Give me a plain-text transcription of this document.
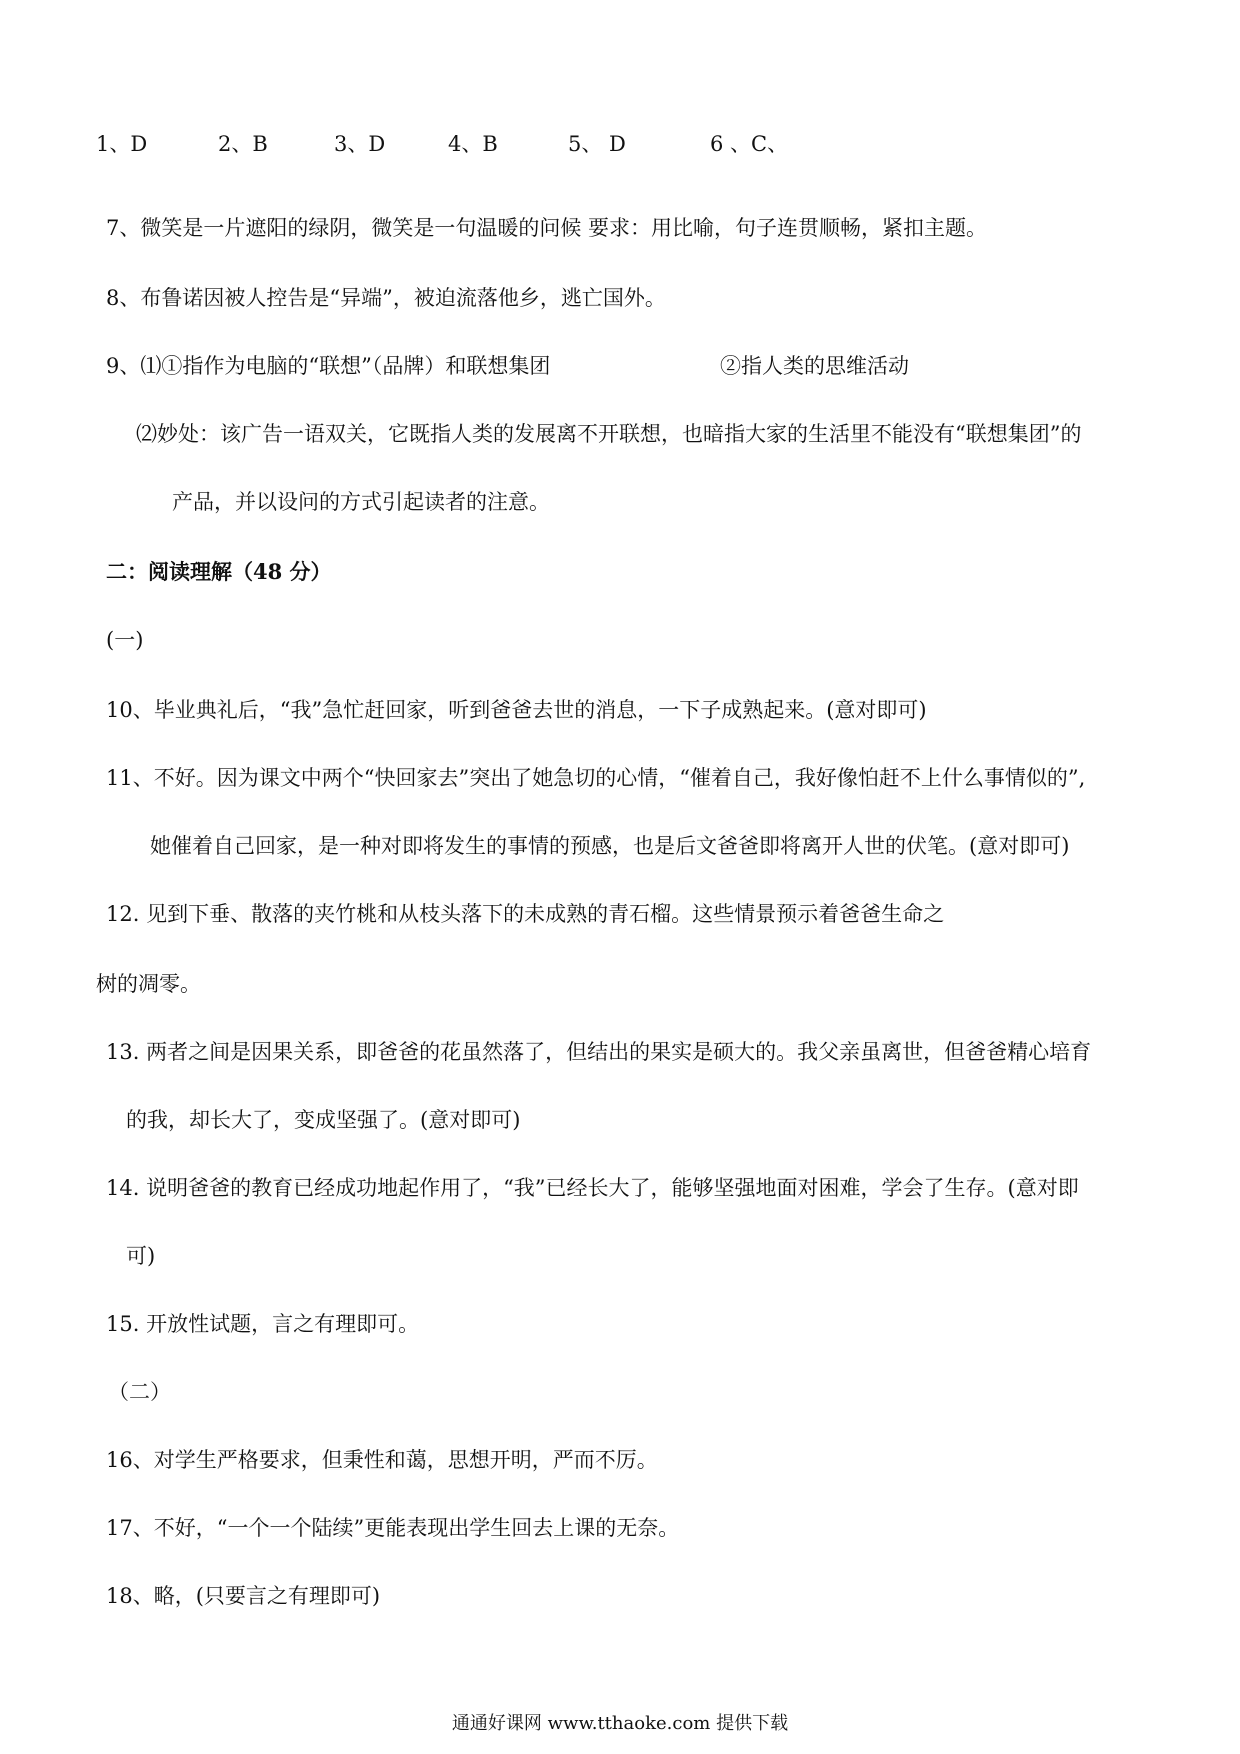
1、D	2、B	3、D	4、B	5、 D	6 、C、
7、微笑是一片遮阳的绿阴，微笑是一句温暖的问候 要求：用比喻，句子连贯顺畅，紧扣主题。
8、布鲁诺因被人控告是“异端”，被迫流落他乡，逃亡国外。
9、⑴①指作为电脑的“联想”（品牌）和联想集团	②指人类的思维活动
⑵妙处：该广告一语双关，它既指人类的发展离不开联想，也暗指大家的生活里不能没有“联想集团”的
产品，并以设问的方式引起读者的注意。
二：阅读理解（48 分）
(一)
10、毕业典礼后，“我”急忙赶回家，听到爸爸去世的消息，一下子成熟起来。(意对即可)
11、不好。因为课文中两个“快回家去”突出了她急切的心情，“催着自己，我好像怕赶不上什么事情似的”,
她催着自己回家，是一种对即将发生的事情的预感，也是后文爸爸即将离开人世的伏笔。(意对即可)
12. 见到下垂、散落的夹竹桃和从枝头落下的未成熟的青石榴。这些情景预示着爸爸生命之
树的凋零。
13. 两者之间是因果关系，即爸爸的花虽然落了，但结出的果实是硕大的。我父亲虽离世，但爸爸精心培育
的我，却长大了，变成坚强了。(意对即可)
14. 说明爸爸的教育已经成功地起作用了，“我”已经长大了，能够坚强地面对困难，学会了生存。(意对即
可)
15. 开放性试题，言之有理即可。
（二）
16、对学生严格要求，但秉性和蔼，思想开明，严而不厉。
17、不好，“一个一个陆续”更能表现出学生回去上课的无奈。
18、略，(只要言之有理即可)
通通好课网 www.tthaoke.com 提供下载
